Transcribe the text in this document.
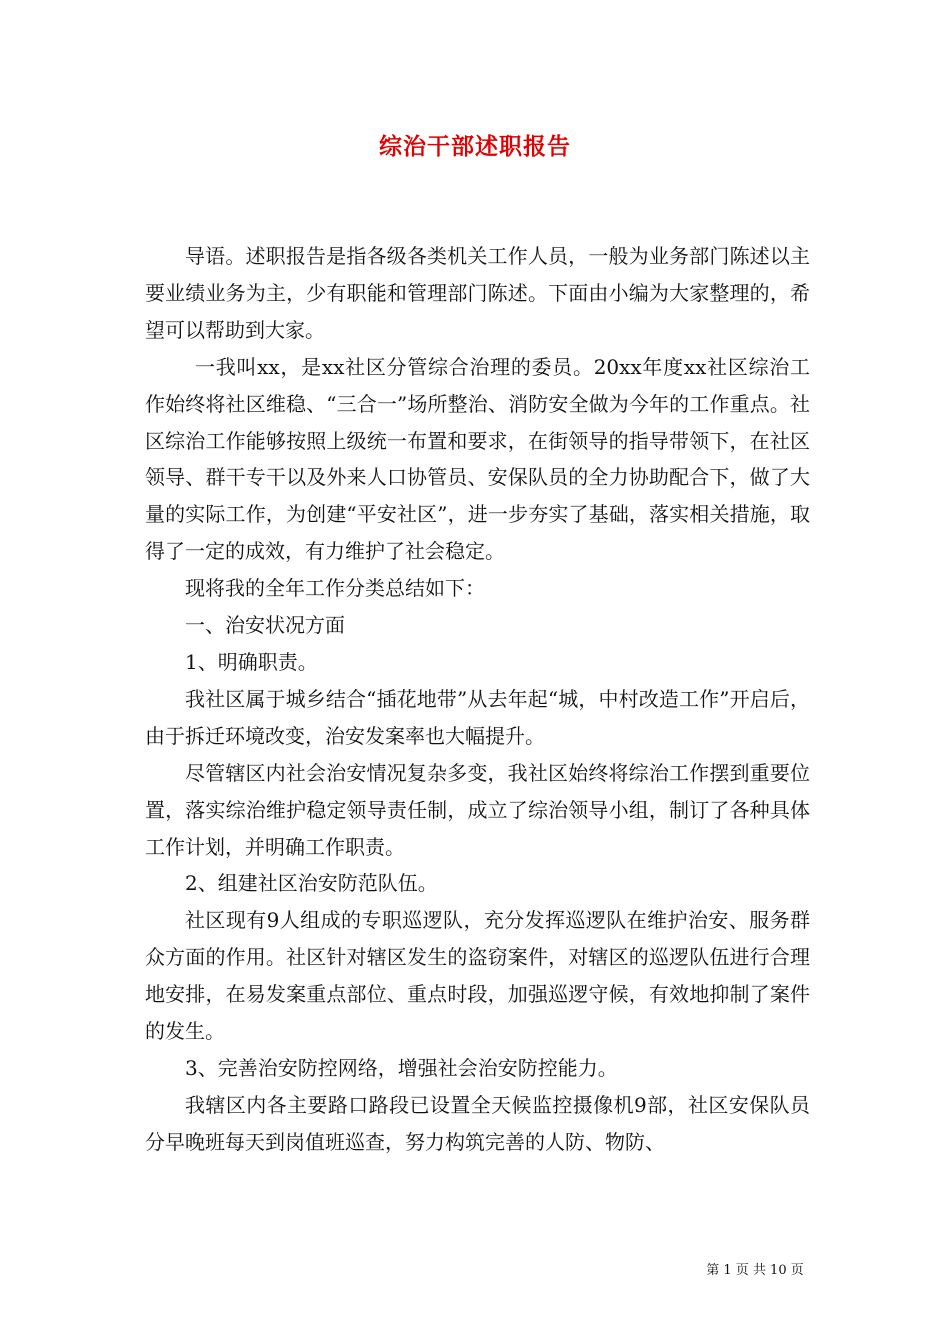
综治干部述职报告

导语。述职报告是指各级各类机关工作人员，一般为业务部门陈述以主要业绩业务为主，少有职能和管理部门陈述。下面由小编为大家整理的，希望可以帮助到大家。

一我叫xx，是xx社区分管综合治理的委员。20xx年度xx社区综治工作始终将社区维稳、“三合一”场所整治、消防安全做为今年的工作重点。社区综治工作能够按照上级统一布置和要求，在街领导的指导带领下，在社区领导、群干专干以及外来人口协管员、安保队员的全力协助配合下，做了大量的实际工作，为创建“平安社区”，进一步夯实了基础，落实相关措施，取得了一定的成效，有力维护了社会稳定。

现将我的全年工作分类总结如下：

一、治安状况方面

1、明确职责。

我社区属于城乡结合“插花地带”从去年起“城，中村改造工作”开启后，由于拆迁环境改变，治安发案率也大幅提升。

尽管辖区内社会治安情况复杂多变，我社区始终将综治工作摆到重要位置，落实综治维护稳定领导责任制，成立了综治领导小组，制订了各种具体工作计划，并明确工作职责。

2、组建社区治安防范队伍。

社区现有9人组成的专职巡逻队，充分发挥巡逻队在维护治安、服务群众方面的作用。社区针对辖区发生的盗窃案件，对辖区的巡逻队伍进行合理地安排，在易发案重点部位、重点时段，加强巡逻守候，有效地抑制了案件的发生。

3、完善治安防控网络，增强社会治安防控能力。

我辖区内各主要路口路段已设置全天候监控摄像机9部，社区安保队员分早晚班每天到岗值班巡查，努力构筑完善的人防、物防、

第 1 页 共 10 页
